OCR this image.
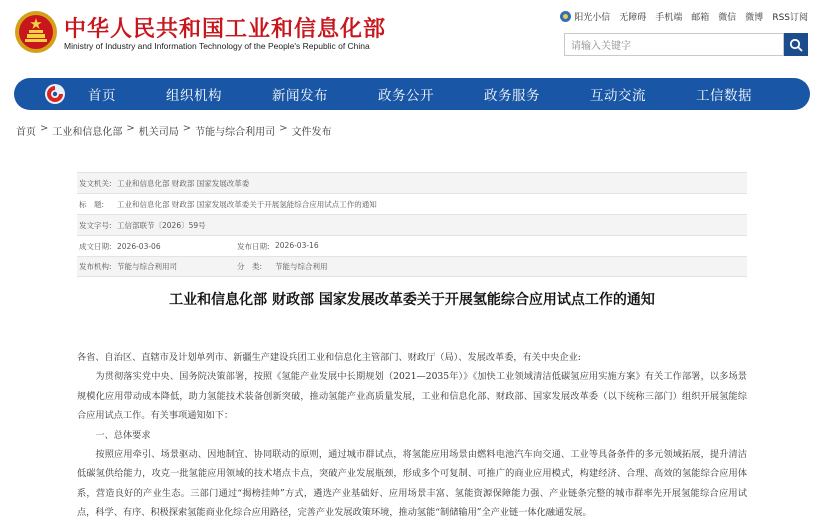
中华人民共和国工业和信息化部
Ministry of Industry and Information Technology of the People's Republic of China
阳光小信 无障碍 手机端 邮箱 微信 微博 RSS订阅
请输入关键字
首页	组织机构	新闻发布	政务公开	政务服务	互动交流	工信数据
首页 > 工业和信息化部 > 机关司局 > 节能与综合利用司 > 文件发布
发文机关: 工业和信息化部 财政部 国家发展改革委
标　题:	工业和信息化部 财政部 国家发展改革委关于开展氢能综合应用试点工作的通知
发文字号: 工信部联节〔2026〕59号
成文日期: 2026-03-06	发布日期: 2026-03-16
发布机构: 节能与综合利用司	分　类:	节能与综合利用
工业和信息化部 财政部 国家发展改革委关于开展氢能综合应用试点工作的通知

各省、自治区、直辖市及计划单列市、新疆生产建设兵团工业和信息化主管部门、财政厅（局）、发展改革委，有关中央企业:

为贯彻落实党中央、国务院决策部署，按照《氢能产业发展中长期规划（2021—2035年）》《加快工业领域清洁低碳氢应用实施方案》有关工作部署，以多场景规模化应用带动成本降低，助力氢能技术装备创新突破，推动氢能产业高质量发展，工业和信息化部、财政部、国家发展改革委（以下统称三部门）组织开展氢能综合应用试点工作。有关事项通知如下：

一、总体要求

按照应用牵引、场景驱动、因地制宜、协同联动的原则，通过城市群试点，将氢能应用场景由燃料电池汽车向交通、工业等具备条件的多元领域拓展，提升清洁低碳氢供给能力，攻克一批氢能应用领域的技术堵点卡点，突破产业发展瓶颈，形成多个可复制、可推广的商业应用模式，构建经济、合理、高效的氢能综合应用体系，营造良好的产业生态。三部门通过“揭榜挂帅”方式，遴选产业基础好、应用场景丰富、氢能资源保障能力强、产业链条完整的城市群率先开展氢能综合应用试点，科学、有序、积极探索氢能商业化综合应用路径，完善产业发展政策环境，推动氢能“制储输用”全产业链一体化融通发展。
